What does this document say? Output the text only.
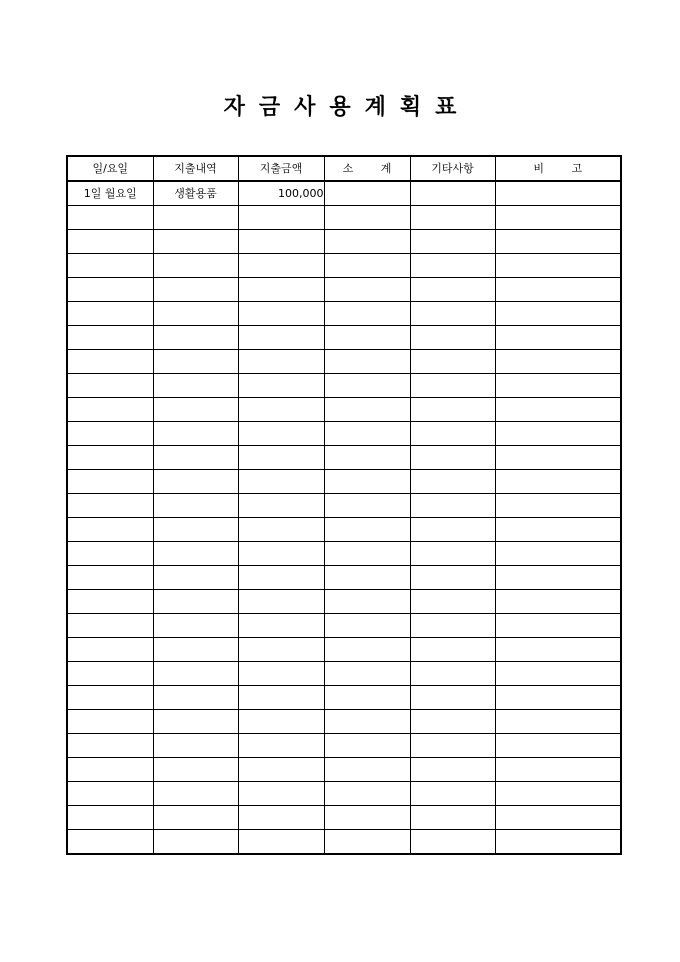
자금사용계획표
일/요일	지출내역	지출금액	소 계	기타사항	비 고
1일 월요일	생활용품	100,000			
